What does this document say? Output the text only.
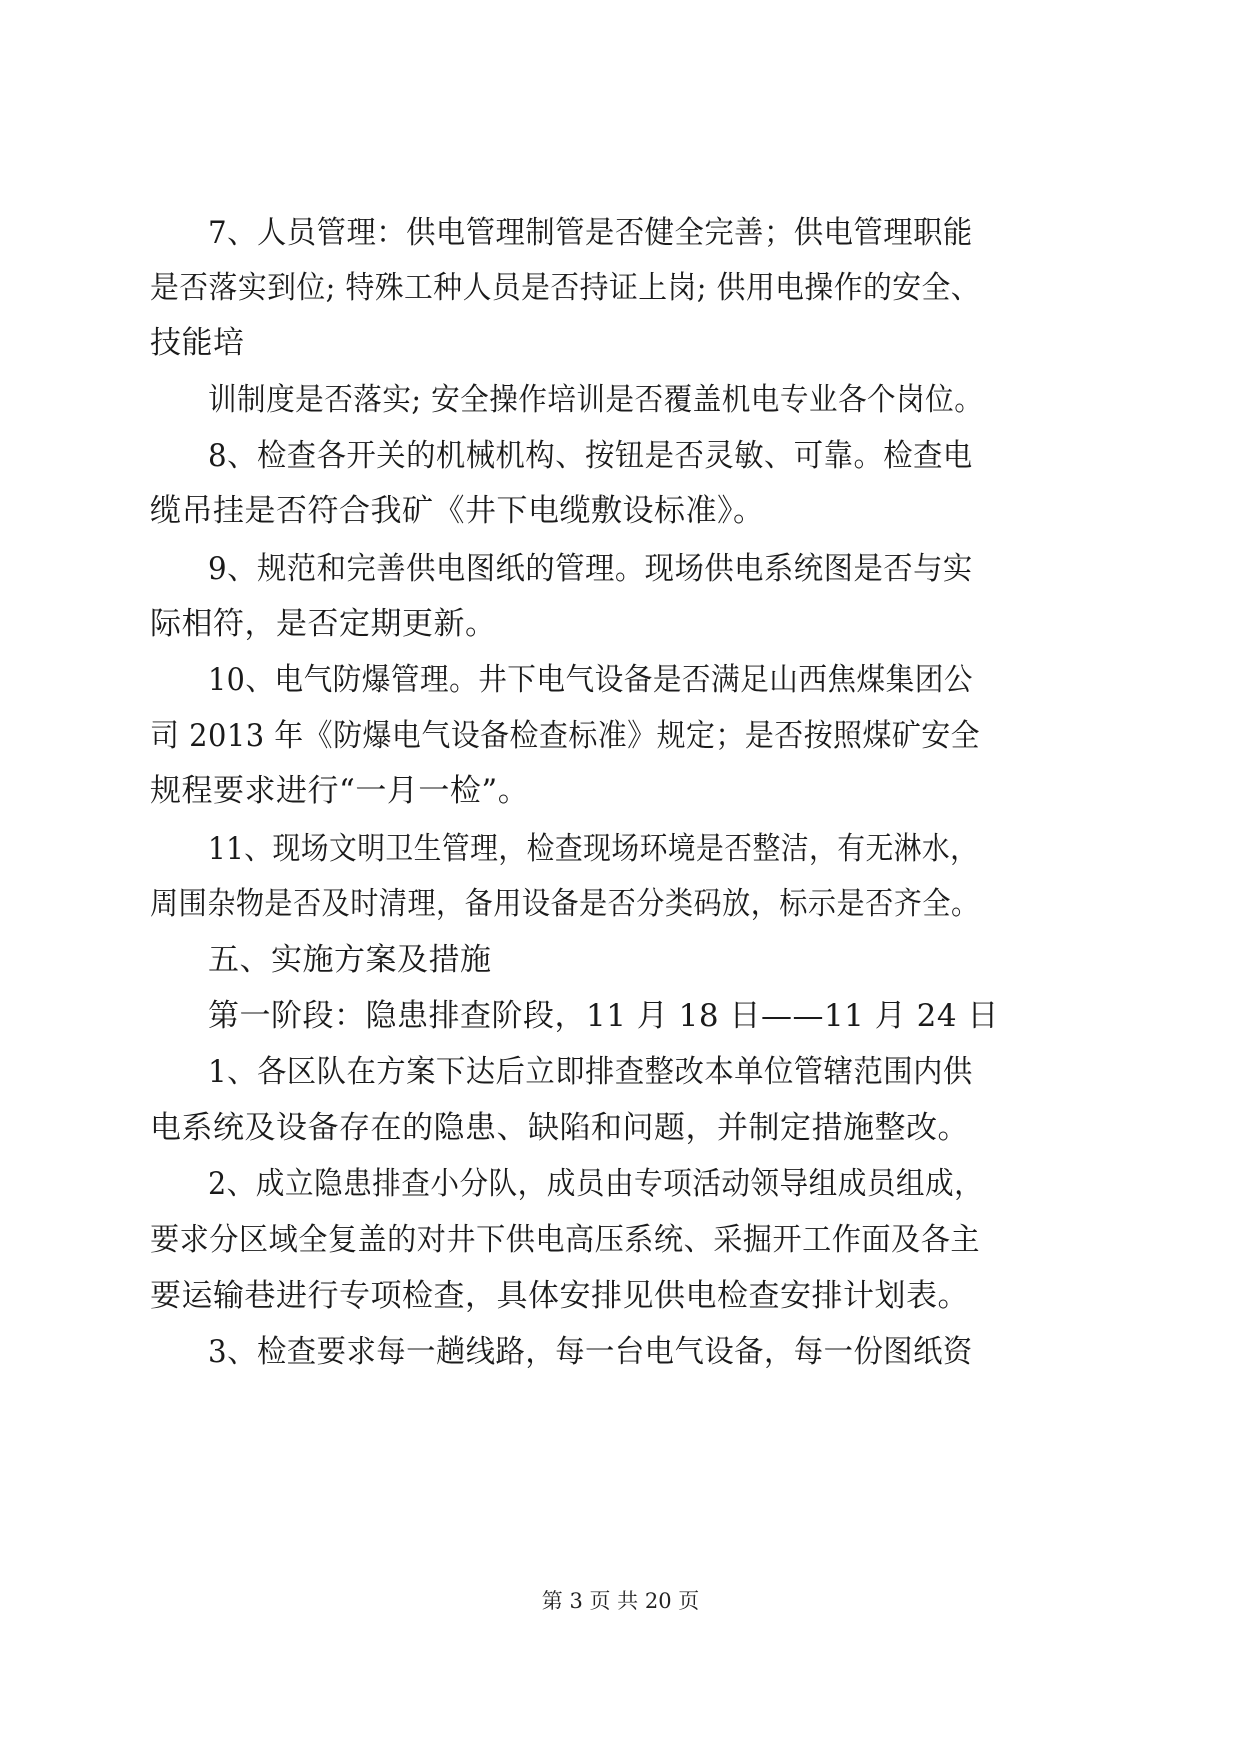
7、人员管理：供电管理制管是否健全完善；供电管理职能
是否落实到位; 特殊工种人员是否持证上岗; 供用电操作的安全、
技能培
训制度是否落实; 安全操作培训是否覆盖机电专业各个岗位。
8、检查各开关的机械机构、按钮是否灵敏、可靠。检查电
缆吊挂是否符合我矿《井下电缆敷设标准》。
9、规范和完善供电图纸的管理。现场供电系统图是否与实
际相符，是否定期更新。
10、电气防爆管理。井下电气设备是否满足山西焦煤集团公
司 2013 年《防爆电气设备检查标准》规定；是否按照煤矿安全
规程要求进行“一月一检”。
11、现场文明卫生管理，检查现场环境是否整洁，有无淋水，
周围杂物是否及时清理，备用设备是否分类码放，标示是否齐全。
五、实施方案及措施
第一阶段：隐患排查阶段，11 月 18 日——11 月 24 日
1、各区队在方案下达后立即排查整改本单位管辖范围内供
电系统及设备存在的隐患、缺陷和问题，并制定措施整改。
2、成立隐患排查小分队，成员由专项活动领导组成员组成，
要求分区域全复盖的对井下供电高压系统、采掘开工作面及各主
要运输巷进行专项检查，具体安排见供电检查安排计划表。
3、检查要求每一趟线路，每一台电气设备，每一份图纸资
第 3 页 共 20 页
